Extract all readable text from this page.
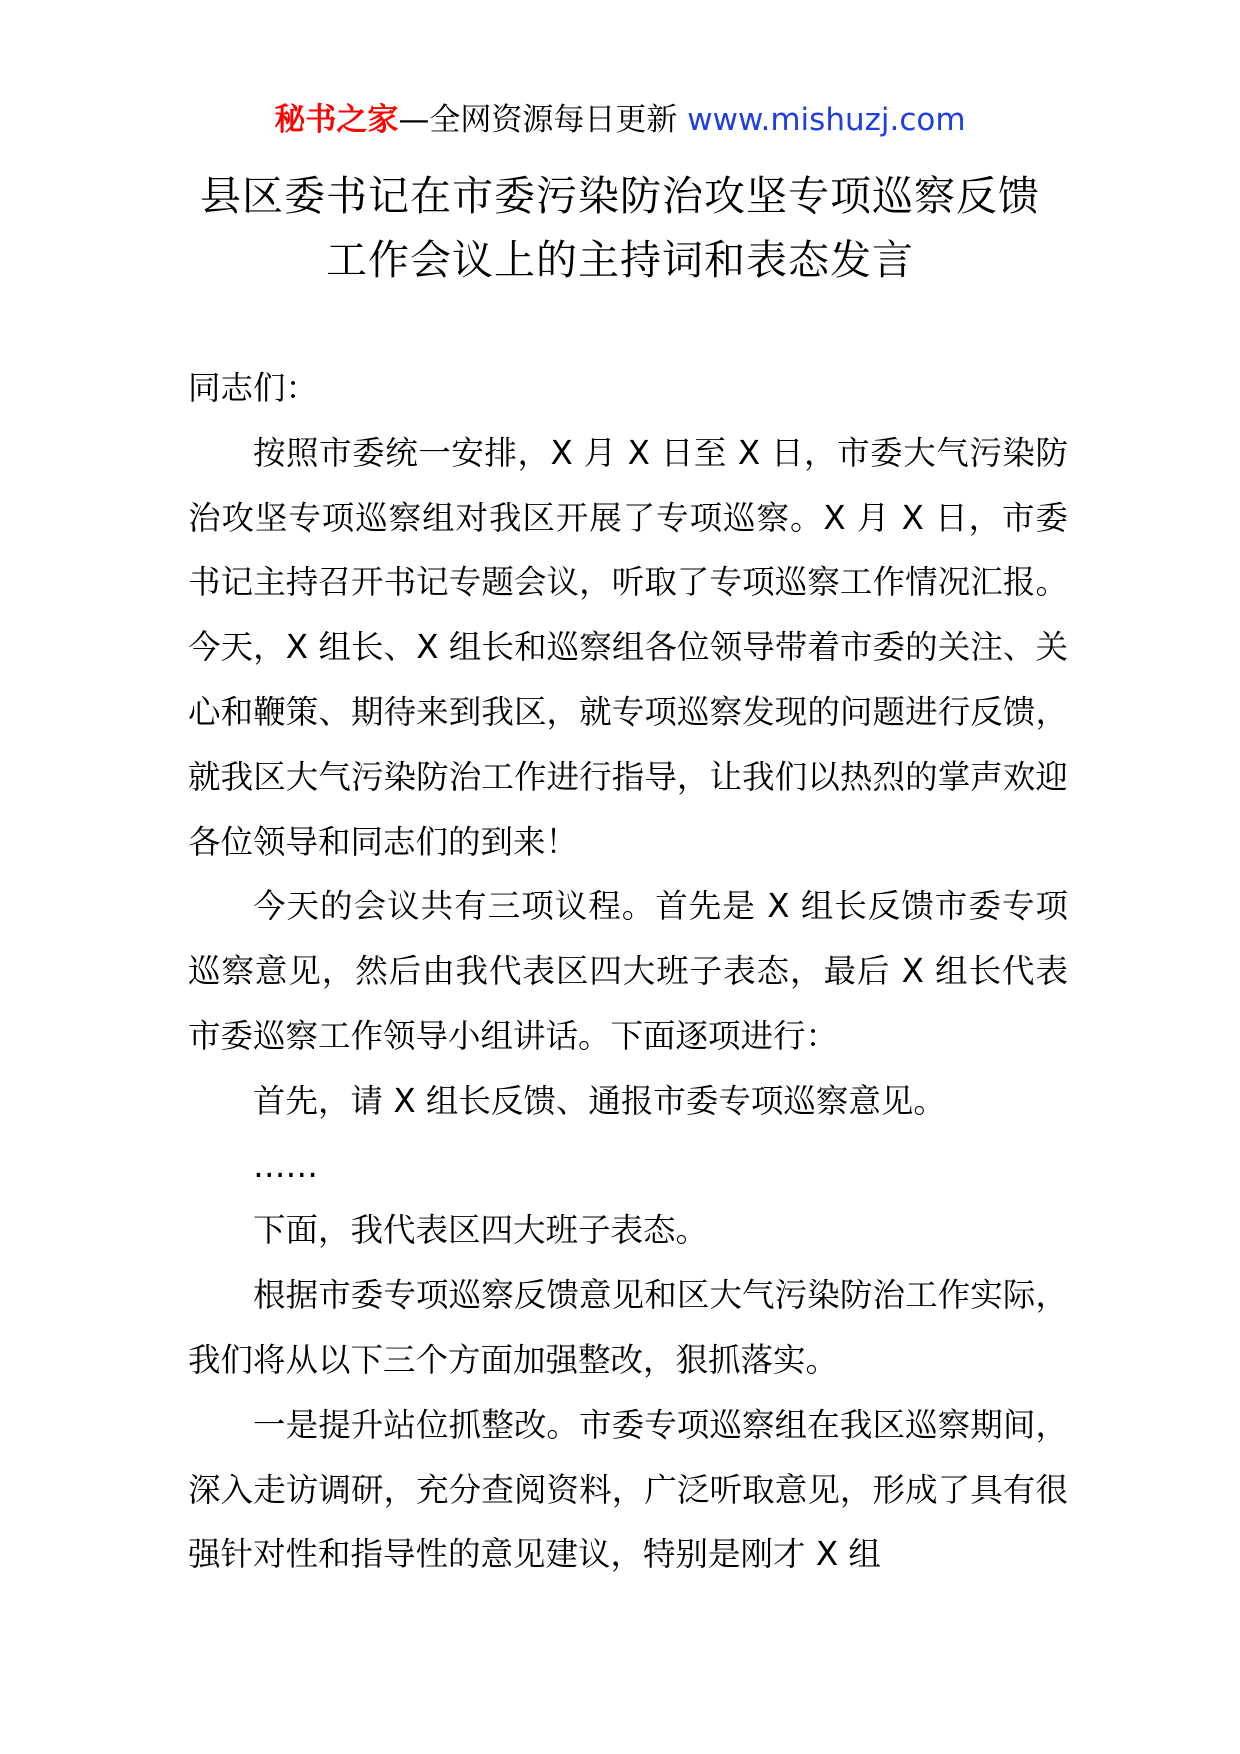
秘书之家—全网资源每日更新 www.mishuzj.com
县区委书记在市委污染防治攻坚专项巡察反馈
工作会议上的主持词和表态发言

同志们：

按照市委统一安排，X 月 X 日至 X 日，市委大气污染防治攻坚专项巡察组对我区开展了专项巡察。X 月 X 日，市委书记主持召开书记专题会议，听取了专项巡察工作情况汇报。今天，X 组长、X 组长和巡察组各位领导带着市委的关注、关心和鞭策、期待来到我区，就专项巡察发现的问题进行反馈，就我区大气污染防治工作进行指导，让我们以热烈的掌声欢迎各位领导和同志们的到来！

今天的会议共有三项议程。首先是 X 组长反馈市委专项巡察意见，然后由我代表区四大班子表态，最后 X 组长代表市委巡察工作领导小组讲话。下面逐项进行：

首先，请 X 组长反馈、通报市委专项巡察意见。

……

下面，我代表区四大班子表态。

根据市委专项巡察反馈意见和区大气污染防治工作实际，我们将从以下三个方面加强整改，狠抓落实。

一是提升站位抓整改。市委专项巡察组在我区巡察期间，深入走访调研，充分查阅资料，广泛听取意见，形成了具有很强针对性和指导性的意见建议，特别是刚才 X 组
